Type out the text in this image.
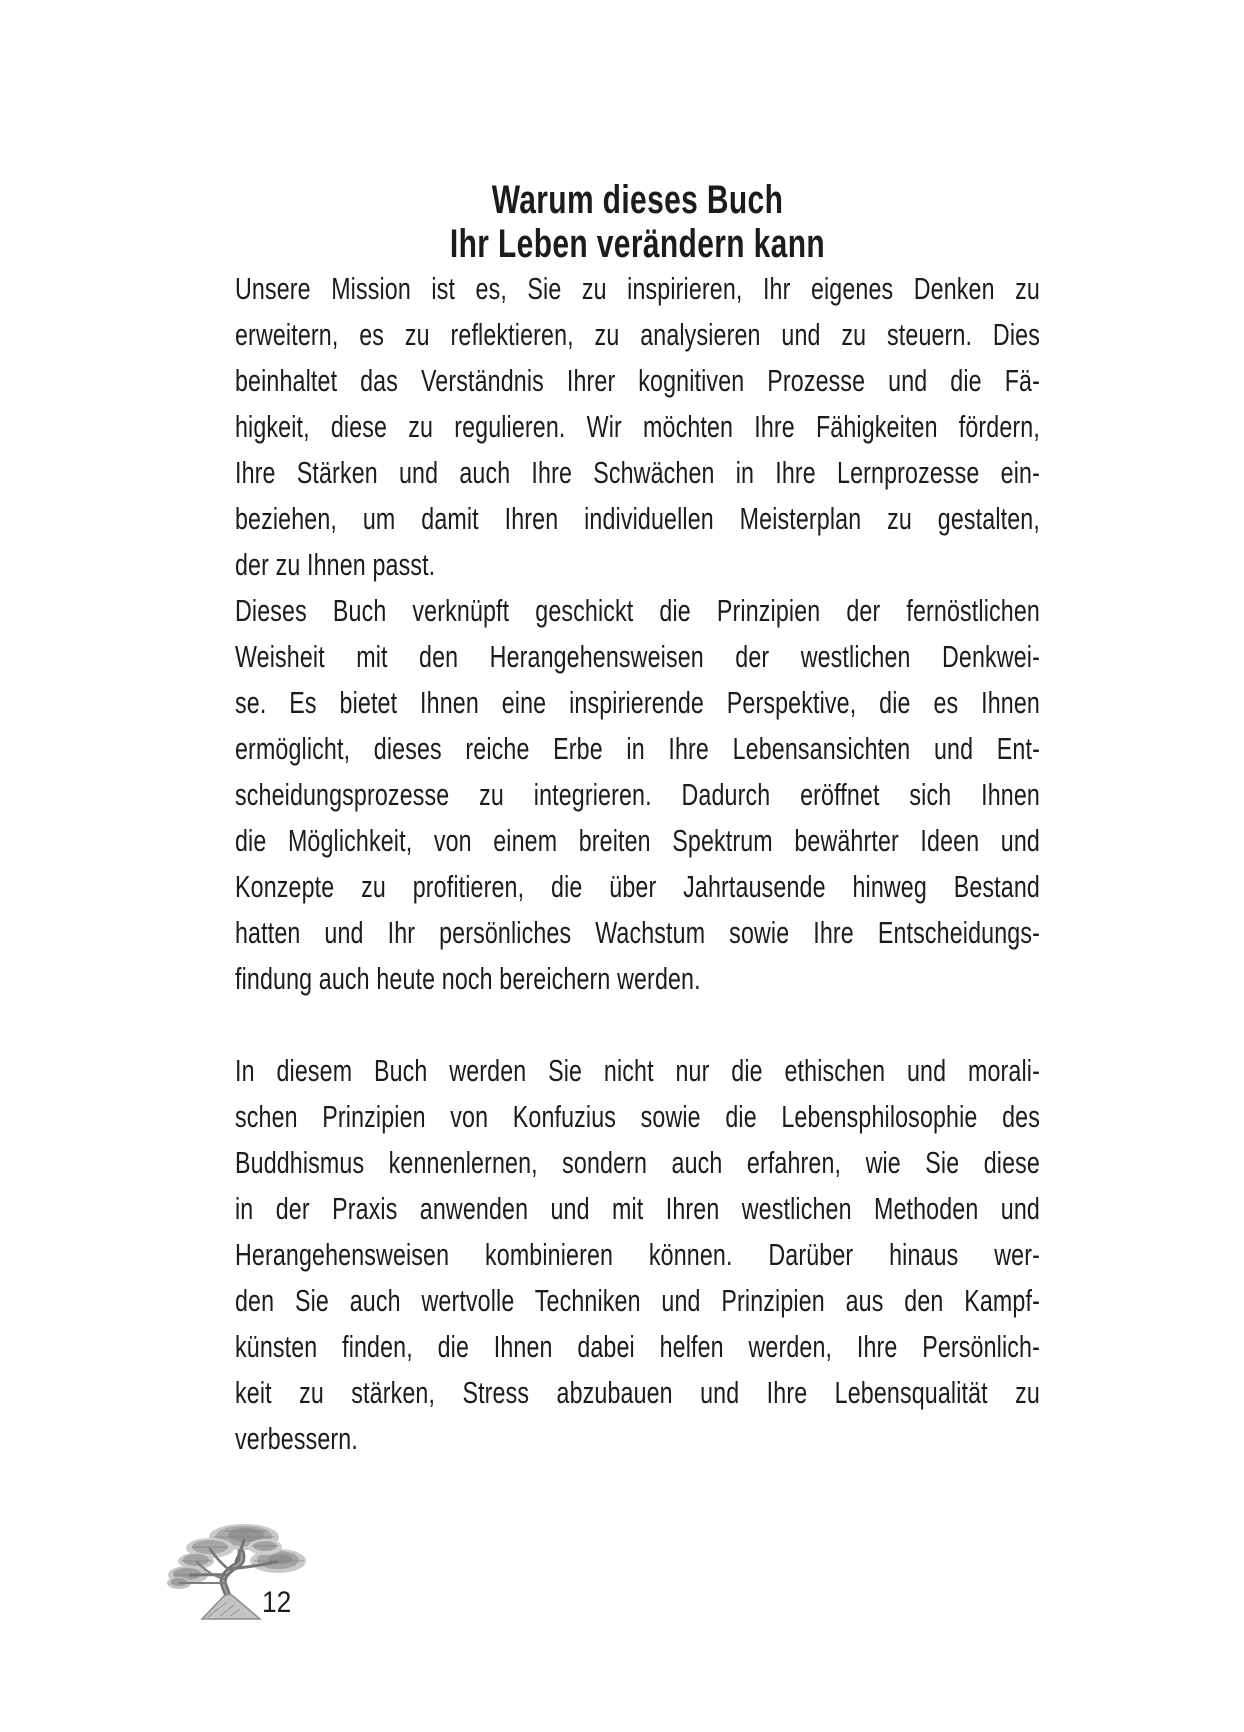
Warum dieses Buch
Ihr Leben verändern kann
Unsere Mission ist es, Sie zu inspirieren, Ihr eigenes Denken zu
erweitern, es zu reflektieren, zu analysieren und zu steuern. Dies
beinhaltet das Verständnis Ihrer kognitiven Prozesse und die Fä-
higkeit, diese zu regulieren. Wir möchten Ihre Fähigkeiten fördern,
Ihre Stärken und auch Ihre Schwächen in Ihre Lernprozesse ein-
beziehen, um damit Ihren individuellen Meisterplan zu gestalten,
der zu Ihnen passt.
Dieses Buch verknüpft geschickt die Prinzipien der fernöstlichen
Weisheit mit den Herangehensweisen der westlichen Denkwei-
se. Es bietet Ihnen eine inspirierende Perspektive, die es Ihnen
ermöglicht, dieses reiche Erbe in Ihre Lebensansichten und Ent-
scheidungsprozesse zu integrieren. Dadurch eröffnet sich Ihnen
die Möglichkeit, von einem breiten Spektrum bewährter Ideen und
Konzepte zu profitieren, die über Jahrtausende hinweg Bestand
hatten und Ihr persönliches Wachstum sowie Ihre Entscheidungs-
findung auch heute noch bereichern werden.
In diesem Buch werden Sie nicht nur die ethischen und morali-
schen Prinzipien von Konfuzius sowie die Lebensphilosophie des
Buddhismus kennenlernen, sondern auch erfahren, wie Sie diese
in der Praxis anwenden und mit Ihren westlichen Methoden und
Herangehensweisen kombinieren können. Darüber hinaus wer-
den Sie auch wertvolle Techniken und Prinzipien aus den Kampf-
künsten finden, die Ihnen dabei helfen werden, Ihre Persönlich-
keit zu stärken, Stress abzubauen und Ihre Lebensqualität zu
verbessern.
12
